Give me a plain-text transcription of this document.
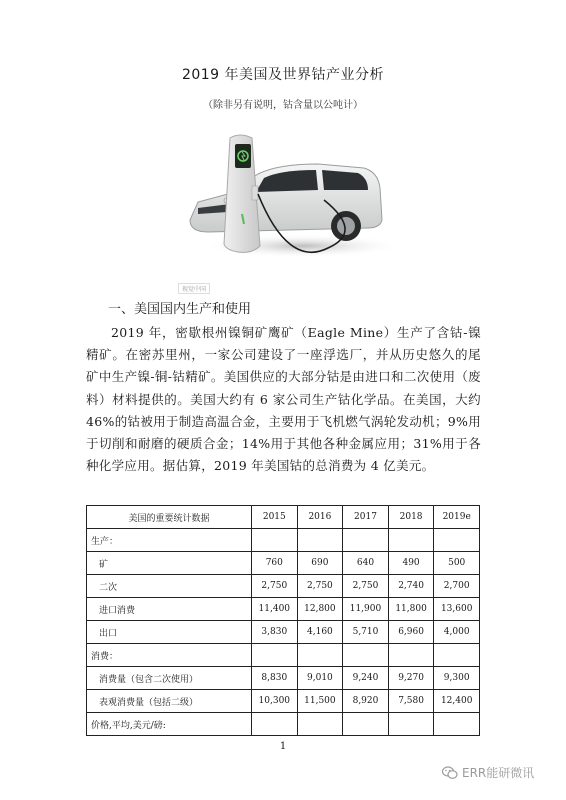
2019 年美国及世界钴产业分析
（除非另有说明，钴含量以公吨计）
视觉中国
一、美国国内生产和使用

2019 年，密歇根州镍铜矿鹰矿（Eagle Mine）生产了含钴-镍精矿。在密苏里州，一家公司建设了一座浮选厂，并从历史悠久的尾矿中生产镍-铜-钴精矿。美国供应的大部分钴是由进口和二次使用（废料）材料提供的。美国大约有 6 家公司生产钴化学品。在美国，大约 46%的钴被用于制造高温合金，主要用于飞机燃气涡轮发动机；9%用于切削和耐磨的硬质合金；14%用于其他各种金属应用；31%用于各种化学应用。据估算，2019 年美国钴的总消费为 4 亿美元。

美国的重要统计数据	2015	2016	2017	2018	2019e
生产：					
矿	760	690	640	490	500
二次	2,750	2,750	2,750	2,740	2,700
进口消费	11,400	12,800	11,900	11,800	13,600
出口	3,830	4,160	5,710	6,960	4,000
消费：					
消费量（包含二次使用）	8,830	9,010	9,240	9,270	9,300
表观消费量（包括二级）	10,300	11,500	8,920	7,580	12,400
价格,平均,美元/磅:					
1
ERR能研微讯
